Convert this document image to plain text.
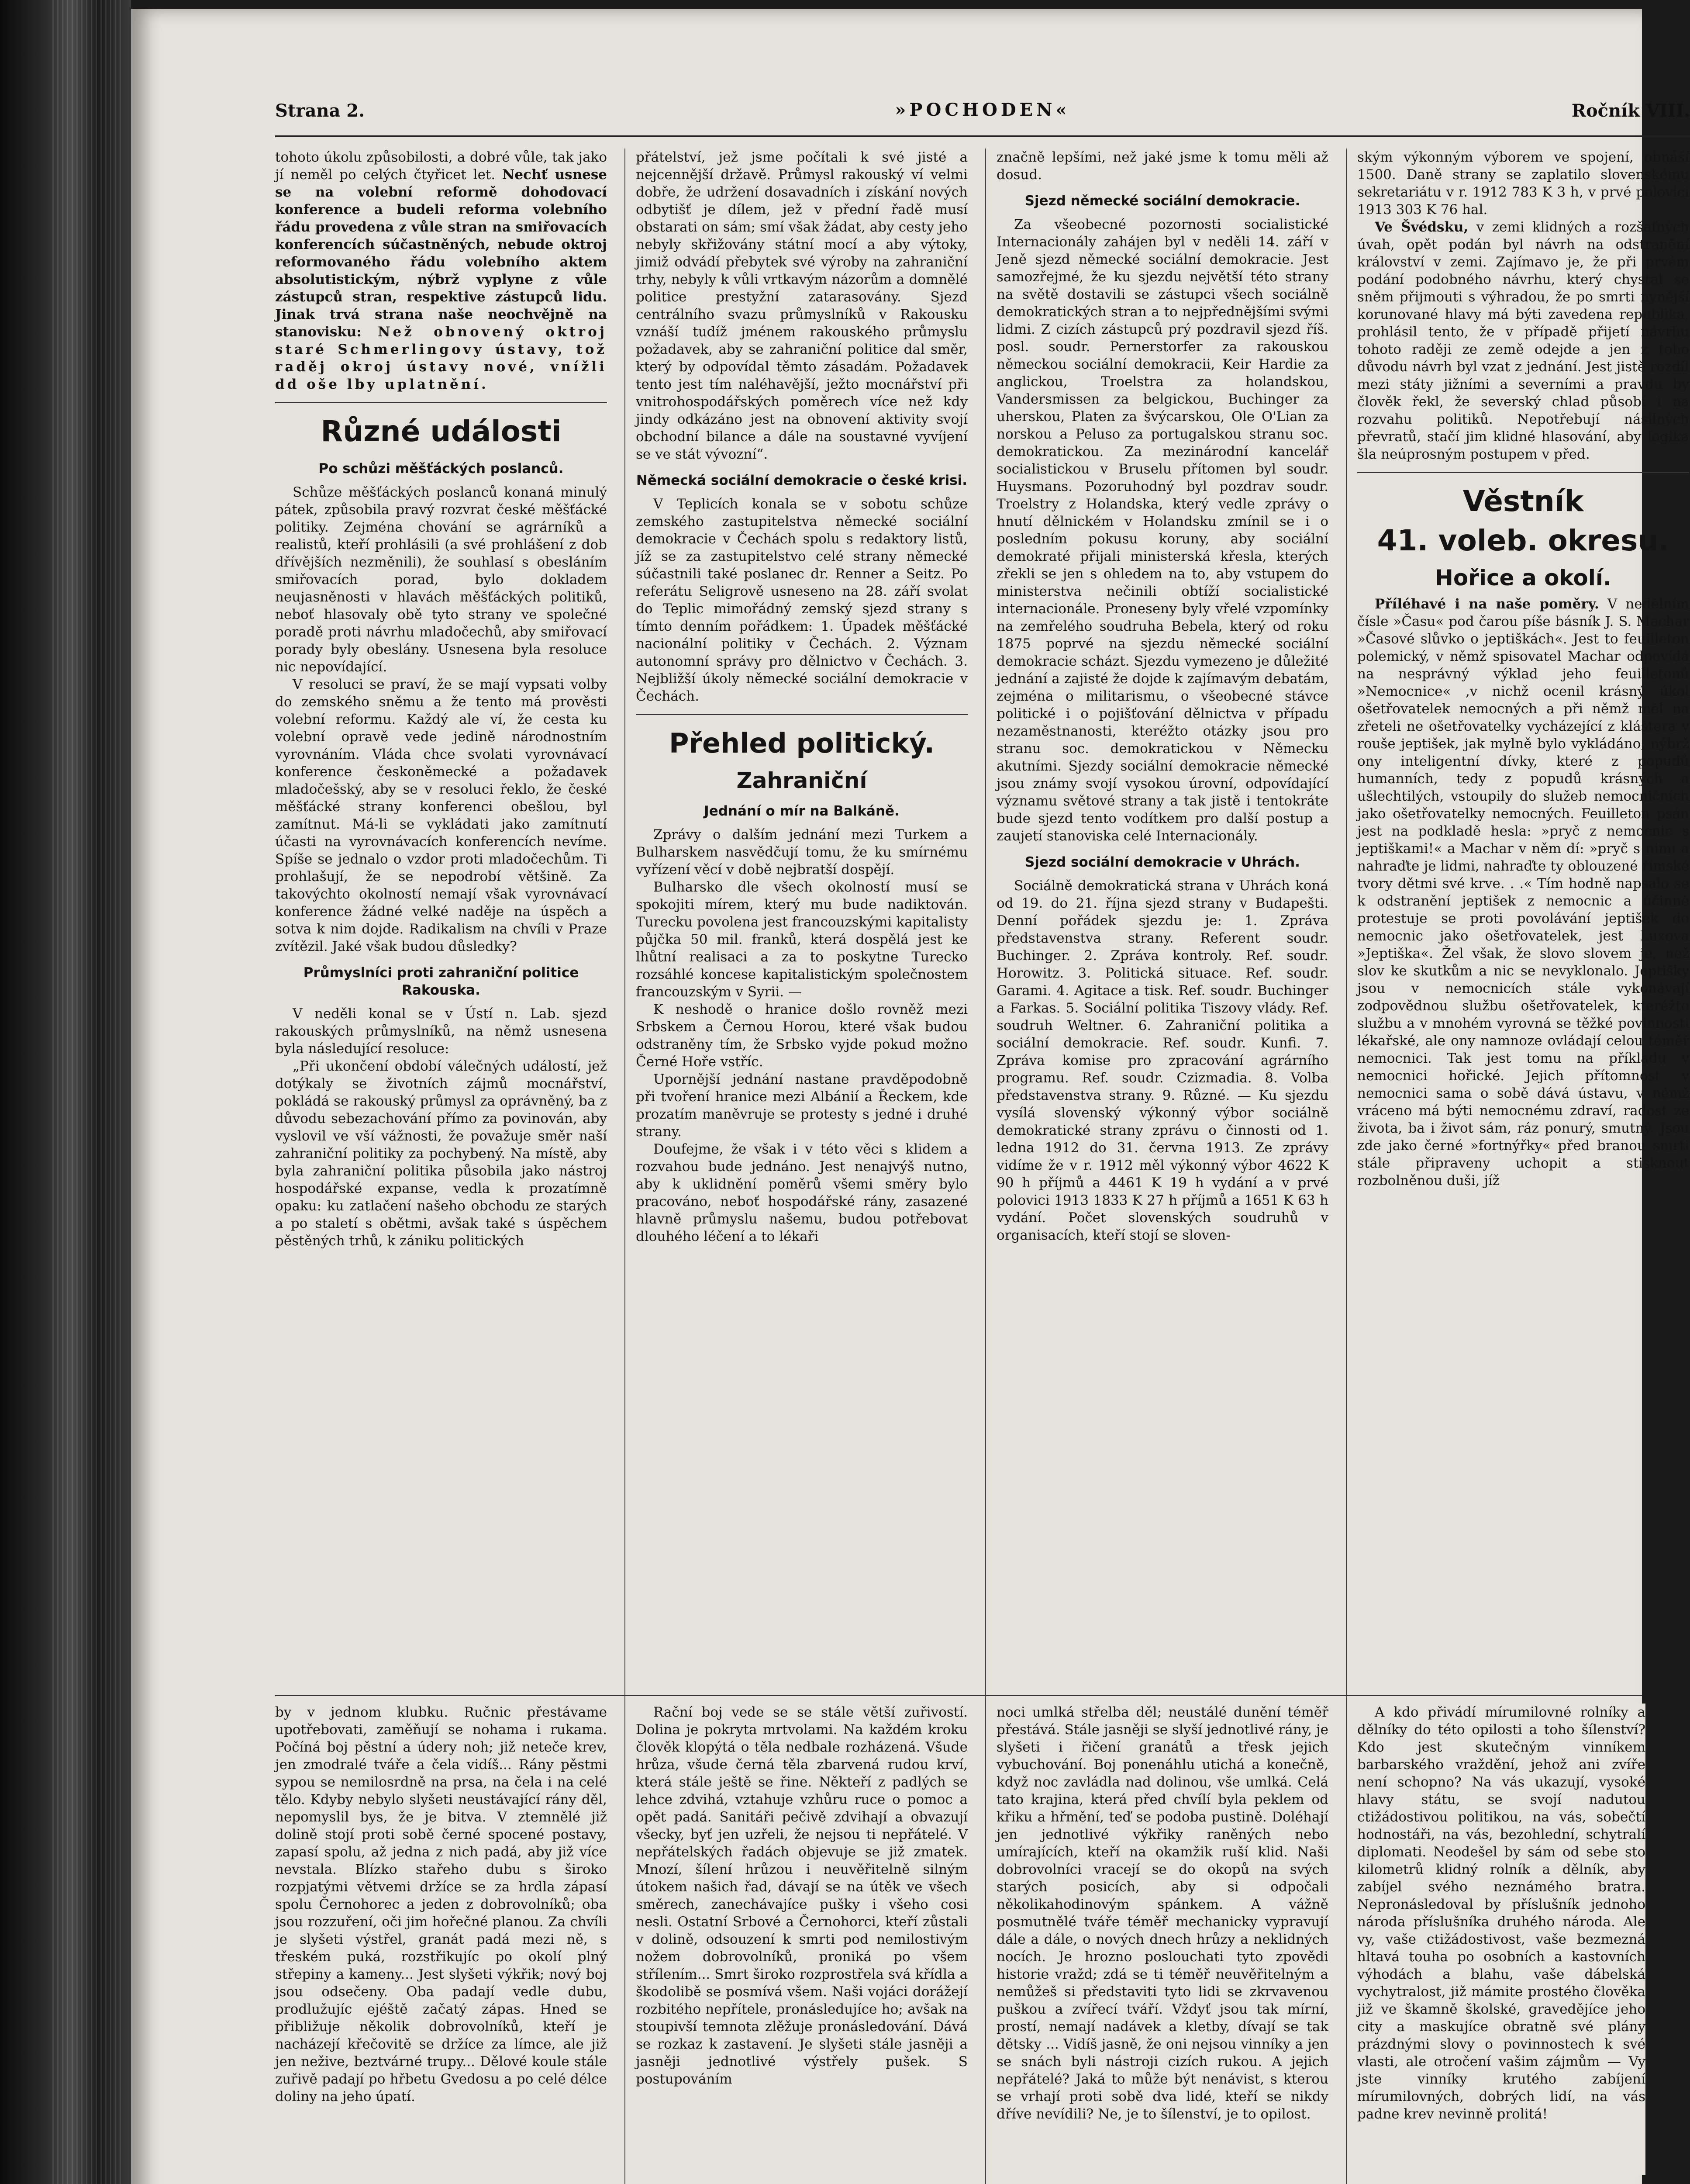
Strana 2.	»POCHODEN«	Ročník VIII.

tohoto úkolu způsobilosti, a dobré vůle, tak jako jí neměl po celých čtyřicet let. Nechť usnese se na volební reformě dohodovací konference a budeli reforma volebního řádu provedena z vůle stran na smiřovacích konferencích súčastněných, nebude oktroj reformovaného řádu volebního aktem absolutistickým, nýbrž vyplyne z vůle zástupců stran, respektive zástupců lidu. Jinak trvá strana naše neochvějně na stanovisku: Než obnovený oktroj staré Schmerlingovy ústavy, tož raděj okroj ústavy nové, vnížli dd oše lby uplatnění.

Různé události
Po schůzi měšťáckých poslanců.

Schůze měšťáckých poslanců konaná minulý pátek, způsobila pravý rozvrat české měšťácké politiky. Zejména chování se agrárníků a realistů, kteří prohlásili (a své prohlášení z dob dřívějších nezměnili), že souhlasí s obesláním smiřovacích porad, bylo dokladem neujasněnosti v hlavách měšťáckých politiků, neboť hlasovaly obě tyto strany ve společné poradě proti návrhu mladočechů, aby smiřovací porady byly obeslány. Usnesena byla resoluce nic nepovídající.

V resoluci se praví, že se mají vypsati volby do zemského sněmu a že tento má prověsti volební reformu. Každý ale ví, že cesta ku volební opravě vede jedině národnostním vyrovnáním. Vláda chce svolati vyrovnávací konference českoněmecké a požadavek mladočešský, aby se v resoluci řeklo, že české měšťácké strany konferenci obešlou, byl zamítnut. Má-li se vykládati jako zamítnutí účasti na vyrovnávacích konferencích nevíme. Spíše se jednalo o vzdor proti mladočechům. Ti prohlašují, že se nepodrobí většině. Za takovýchto okolností nemají však vyrovnávací konference žádné velké naděje na úspěch a sotva k nim dojde. Radikalism na chvíli v Praze zvítězil. Jaké však budou důsledky?

Průmyslníci proti zahraniční politice Rakouska.

V neděli konal se v Ústí n. Lab. sjezd rakouských průmyslníků, na němž usnesena byla následující resoluce:

„Při ukončení období válečných událostí, jež dotýkaly se životních zájmů mocnářství, pokládá se rakouský průmysl za oprávněný, ba z důvodu sebezachování přímo za povinován, aby vyslovil ve vší vážnosti, že považuje směr naší zahraniční politiky za pochybený. Na místě, aby byla zahraniční politika působila jako nástroj hospodářské expanse, vedla k prozatímně opaku: ku zatlačení našeho obchodu ze starých a po staletí s obětmi, avšak také s úspěchem pěstěných trhů, k zániku politických

přátelství, jež jsme počítali k své jisté a nejcennější državě. Průmysl rakouský ví velmi dobře, že udržení dosavadních i získání nových odbytišť je dílem, jež v přední řadě musí obstarati on sám; smí však žádat, aby cesty jeho nebyly skřižovány státní mocí a aby výtoky, jimiž odvádí přebytek své výroby na zahraniční trhy, nebyly k vůli vrtkavým názorům a domnělé politice prestyžní zatarasovány. Sjezd centrálního svazu průmyslníků v Rakousku vznáší tudíž jménem rakouského průmyslu požadavek, aby se zahraniční politice dal směr, který by odpovídal těmto zásadám. Požadavek tento jest tím naléhavější, ježto mocnářství při vnitrohospodářských poměrech více než kdy jindy odkázáno jest na obnovení aktivity svojí obchodní bilance a dále na soustavné vyvíjení se ve stát vývozní“.

Německá sociální demokracie o české krisi.

V Teplicích konala se v sobotu schůze zemského zastupitelstva německé sociální demokracie v Čechách spolu s redaktory listů, jíž se za zastupitelstvo celé strany německé súčastnili také poslanec dr. Renner a Seitz. Po referátu Seligrově usneseno na 28. září svolat do Teplic mimořádný zemský sjezd strany s tímto denním pořádkem: 1. Úpadek měšťácké nacionální politiky v Čechách. 2. Význam autonomní správy pro dělnictvo v Čechách. 3. Nejbližší úkoly německé sociální demokracie v Čechách.

Přehled politický.
Zahraniční
Jednání o mír na Balkáně.

Zprávy o dalším jednání mezi Turkem a Bulharskem nasvědčují tomu, že ku smírnému vyřízení věcí v době nejbratší dospějí.

Bulharsko dle všech okolností musí se spokojiti mírem, který mu bude nadiktován. Turecku povolena jest francouzskými kapitalisty půjčka 50 mil. franků, která dospělá jest ke lhůtní realisaci a za to poskytne Turecko rozsáhlé koncese kapitalistickým společnostem francouzským v Syrii. —

K neshodě o hranice došlo rovněž mezi Srbskem a Černou Horou, které však budou odstraněny tím, že Srbsko vyjde pokud možno Černé Hoře vstříc.

Upornější jednání nastane pravděpodobně při tvoření hranice mezi Albánií a Řeckem, kde prozatím maněvruje se protesty s jedné i druhé strany.

Doufejme, že však i v této věci s klidem a rozvahou bude jednáno. Jest nenajvýš nutno, aby k uklidnění poměrů všemi směry bylo pracováno, neboť hospodářské rány, zasazené hlavně průmyslu našemu, budou potřebovat dlouhého léčení a to lékaři

značně lepšími, než jaké jsme k tomu měli až dosud.

Sjezd německé sociální demokracie.

Za všeobecné pozornosti socialistické Internacionály zahájen byl v neděli 14. září v Jeně sjezd německé sociální demokracie. Jest samozřejmé, že ku sjezdu největší této strany na světě dostavili se zástupci všech sociálně demokratických stran a to nejpřednějšími svými lidmi. Z cizích zástupců prý pozdravil sjezd říš. posl. soudr. Pernerstorfer za rakouskou německou sociální demokracii, Keir Hardie za anglickou, Troelstra za holandskou, Vandersmissen za belgickou, Buchinger za uherskou, Platen za švýcarskou, Ole O'Lian za norskou a Peluso za portugalskou stranu soc. demokratickou. Za mezinárodní kancelář socialistickou v Bruselu přítomen byl soudr. Huysmans. Pozoruhodný byl pozdrav soudr. Troelstry z Holandska, který vedle zprávy o hnutí dělnickém v Holandsku zmínil se i o posledním pokusu koruny, aby sociální demokraté přijali ministerská křesla, kterých zřekli se jen s ohledem na to, aby vstupem do ministerstva nečinili obtíží socialistické internacionále. Proneseny byly vřelé vzpomínky na zemřelého soudruha Bebela, který od roku 1875 poprvé na sjezdu německé sociální demokracie scházt. Sjezdu vymezeno je důležité jednání a zajisté že dojde k zajímavým debatám, zejména o militarismu, o všeobecné stávce politické i o pojišťování dělnictva v případu nezaměstnanosti, kteréžto otázky jsou pro stranu soc. demokratickou v Německu akutními. Sjezdy sociální demokracie německé jsou známy svojí vysokou úrovní, odpovídající významu světové strany a tak jistě i tentokráte bude sjezd tento vodítkem pro další postup a zaujetí stanoviska celé Internacionály.

Sjezd sociální demokracie v Uhrách.

Sociálně demokratická strana v Uhrách koná od 19. do 21. října sjezd strany v Budapešti. Denní pořádek sjezdu je: 1. Zpráva představenstva strany. Referent soudr. Buchinger. 2. Zpráva kontroly. Ref. soudr. Horowitz. 3. Politická situace. Ref. soudr. Garami. 4. Agitace a tisk. Ref. soudr. Buchinger a Farkas. 5. Sociální politika Tiszovy vlády. Ref. soudruh Weltner. 6. Zahraniční politika a sociální demokracie. Ref. soudr. Kunfi. 7. Zpráva komise pro zpracování agrárního programu. Ref. soudr. Czizmadia. 8. Volba představenstva strany. 9. Různé. — Ku sjezdu vysílá slovenský výkonný výbor sociálně demokratické strany zprávu o činnosti od 1. ledna 1912 do 31. června 1913. Ze zprávy vidíme že v r. 1912 měl výkonný výbor 4622 K 90 h příjmů a 4461 K 19 h vydání a v prvé polovici 1913 1833 K 27 h příjmů a 1651 K 63 h vydání. Počet slovenských soudruhů v organisacích, kteří stojí se sloven-

ským výkonným výborem ve spojení, obnáší 1500. Daně strany se zaplatilo slovenskému sekretariátu v r. 1912 783 K 3 h, v prvé polovici 1913 303 K 76 hal.

Ve Švédsku, v zemi klidných a rozšafných úvah, opět podán byl návrh na odstranění království v zemi. Zajímavo je, že při prvém podání podobného návrhu, který chystal se sněm přijmouti s výhradou, že po smrti nynější korunované hlavy má býti zavedena republika, prohlásil tento, že v případě přijetí návrhu tohoto raději ze země odejde a jen z toho důvodu návrh byl vzat z jednání. Jest jistě rozdíl mezi státy jižními a severními a pravdu by člověk řekl, že severský chlad působí i na rozvahu politiků. Nepotřebují násilných převratů, stačí jim klidné hlasování, aby logika šla neúprosným postupem v před.

Věstník
41. voleb. okresu.
Hořice a okolí.

Příléhavé i na naše poměry. V nedělním čísle »Času« pod čarou píše básník J. S. Machar »Časové slůvko o jeptiškách«. Jest to feuilleton polemický, v němž spisovatel Machar odpovídá na nesprávný výklad jeho feuilletonů »Nemocnice« ,v nichž ocenil krásný úkol ošetřovatelek nemocných a při němž měl na zřeteli ne ošetřovatelky vycházející z kláštera v rouše jeptišek, jak mylně bylo vykládáno, nýbrž ony inteligentní dívky, které z popudů humanních, tedy z popudů krásných a ušlechtilých, vstoupily do služeb nemocničních jako ošetřovatelky nemocných. Feuilleton psán jest na podkladě hesla: »pryč z nemocnic s jeptiškami!« a Machar v něm dí: »pryč s nimi a nahraďte je lidmi, nahraďte ty oblouzené římské tvory dětmi své krve. . .« Tím hodně napsalo se k odstranění jeptišek z nemocnic a účinně protestuje se proti povolávání jeptišek do nemocnic jako ošetřovatelek, jest Luxova »Jeptiška«. Žel však, že slovo slovem je, než slov ke skutkům a nic se nevyklonalo. Jeptišky jsou v nemocnicích stále vykonávají zodpovědnou službu ošetřovatelek, kteréžto službu a v mnohém vyrovná se těžké povinnosti lékařské, ale ony namnoze ovládají celou téměř nemocnici. Tak jest tomu na příkladu v nemocnici hořické. Jejich přítomnost v nemocnici sama o sobě dává ústavu, v němž vráceno má býti nemocnému zdraví, radost ze života, ba i život sám, ráz ponurý, smutný. Jsou zde jako černé »fortnýřky« před branou smrti stále připraveny uchopit a stisknout rozbolněnou duši, jíž

by v jednom klubku. Ručnic přestávame upotřebovati, zaměňují se nohama i rukama. Počíná boj pěstní a údery noh; již neteče krev, jen zmodralé tváře a čela vidíš... Rány pěstmi sypou se nemilosrdně na prsa, na čela i na celé tělo. Kdyby nebylo slyšeti neustávající rány děl, nepomyslil bys, že je bitva. V ztemnělé již dolině stojí proti sobě černé spocené postavy, zapasí spolu, až jedna z nich padá, aby již více nevstala. Blízko stařeho dubu s široko rozpjatými větvemi držíce se za hrdla zápasí spolu Černohorec a jeden z dobrovolníků; oba jsou rozzuření, oči jim hořečné planou. Za chvíli je slyšeti výstřel, granát padá mezi ně, s třeském puká, rozstřikujíc po okolí plný střepiny a kameny... Jest slyšeti výkřik; nový boj jsou odsečeny. Oba padají vedle dubu, prodlužujíc ejéště začatý zápas. Hned se přibližuje několik dobrovolníků, kteří je nacházejí křečovitě se držíce za límce, ale již jen nežive, beztvárné trupy... Dělové koule stále zuřivě padají po hřbetu Gvedosu a po celé délce doliny na jeho úpatí.

Rační boj vede se se stále větší zuřivostí. Dolina je pokryta mrtvolami. Na každém kroku člověk klopýtá o těla nedbale rozházená. Všude hrůza, všude černá těla zbarvená rudou krví, která stále ještě se řine. Někteří z padlých se lehce zdvihá, vztahuje vzhůru ruce o pomoc a opět padá. Sanitáři pečivě zdvihají a obvazují všecky, byť jen uzřeli, že nejsou ti nepřátelé. V nepřátelských řadách objevuje se již zmatek. Mnozí, šílení hrůzou i neuvěřitelně silným útokem našich řad, dávají se na útěk ve všech směrech, zanechávajíce pušky i všeho cosi nesli. Ostatní Srbové a Černohorci, kteří zůstali v dolině, odsouzení k smrti pod nemilostivým nožem dobrovolníků, proniká po všem střílením... Smrt široko rozprostřela svá křídla a škodolibě se posmívá všem. Naši vojáci dorážejí rozbitého nepřítele, pronásledujíce ho; avšak na stoupivší temnota zlěžuje pronásledování. Dává se rozkaz k zastavení. Je slyšeti stále jasněji a jasněji jednotlivé výstřely pušek. S postupováním

noci umlká střelba děl; neustálé dunění téměř přestává. Stále jasněji se slyší jednotlivé rány, je slyšeti i řičení granátů a třesk jejich vybuchování. Boj ponenáhlu utichá a konečně, když noc zavládla nad dolinou, vše umlká. Celá tato krajina, která před chvílí byla peklem od křiku a hřmění, teď se podoba pustině. Doléhají jen jednotlivé výkřiky raněných nebo umírajících, kteří na okamžik ruší klid. Naši dobrovolníci vracejí se do okopů na svých starých posicích, aby si odpočali několikahodinovým spánkem. A vážně posmutnělé tváře téměř mechanicky vypravují dále a dále, o nových dnech hrůzy a neklidných nocích. Je hrozno poslouchati tyto zpovědi historie vražd; zdá se ti téměř neuvěřitelným a nemůžeš si představiti tyto lidi se zkrvavenou puškou a zvířecí tváří. Vždyť jsou tak mírní, prostí, nemají nadávek a kletby, dívají se tak dětsky ... Vidíš jasně, že oni nejsou vinníky a jen se snách byli nástroji cizích rukou. A jejich nepřátelé? Jaká to může být nenávist, s kterou se vrhají proti sobě dva lidé, kteří se nikdy dříve nevídili? Ne, je to šílenství, je to opilost.

A kdo přivádí mírumilovné rolníky a dělníky do této opilosti a toho šílenství? Kdo jest skutečným vinníkem barbarského vraždění, jehož ani zvíře není schopno? Na vás ukazují, vysoké hlavy státu, se svojí nadutou ctižádostivou politikou, na vás, sobečtí hodnostáři, na vás, bezohlední, schytralí diplomati. Neodešel by sám od sebe sto kilometrů klidný rolník a dělník, aby zabíjel svého neznámého bratra. Nepronásledoval by příslušník jednoho národa příslušníka druhého národa. Ale vy, vaše ctižádostivost, vaše bezmezná hltavá touha po osobních a kastovních výhodách a blahu, vaše dábelská vychytralost, již mámite prostého člověka již ve škamně školské, gravedějíce jeho city a maskujíce obratně své plány prázdnými slovy o povinnostech k své vlasti, ale otročení vašim zájmům — Vy jste vinníky krutého zabíjení mírumilovných, dobrých lidí, na vás padne krev nevinně prolitá!
